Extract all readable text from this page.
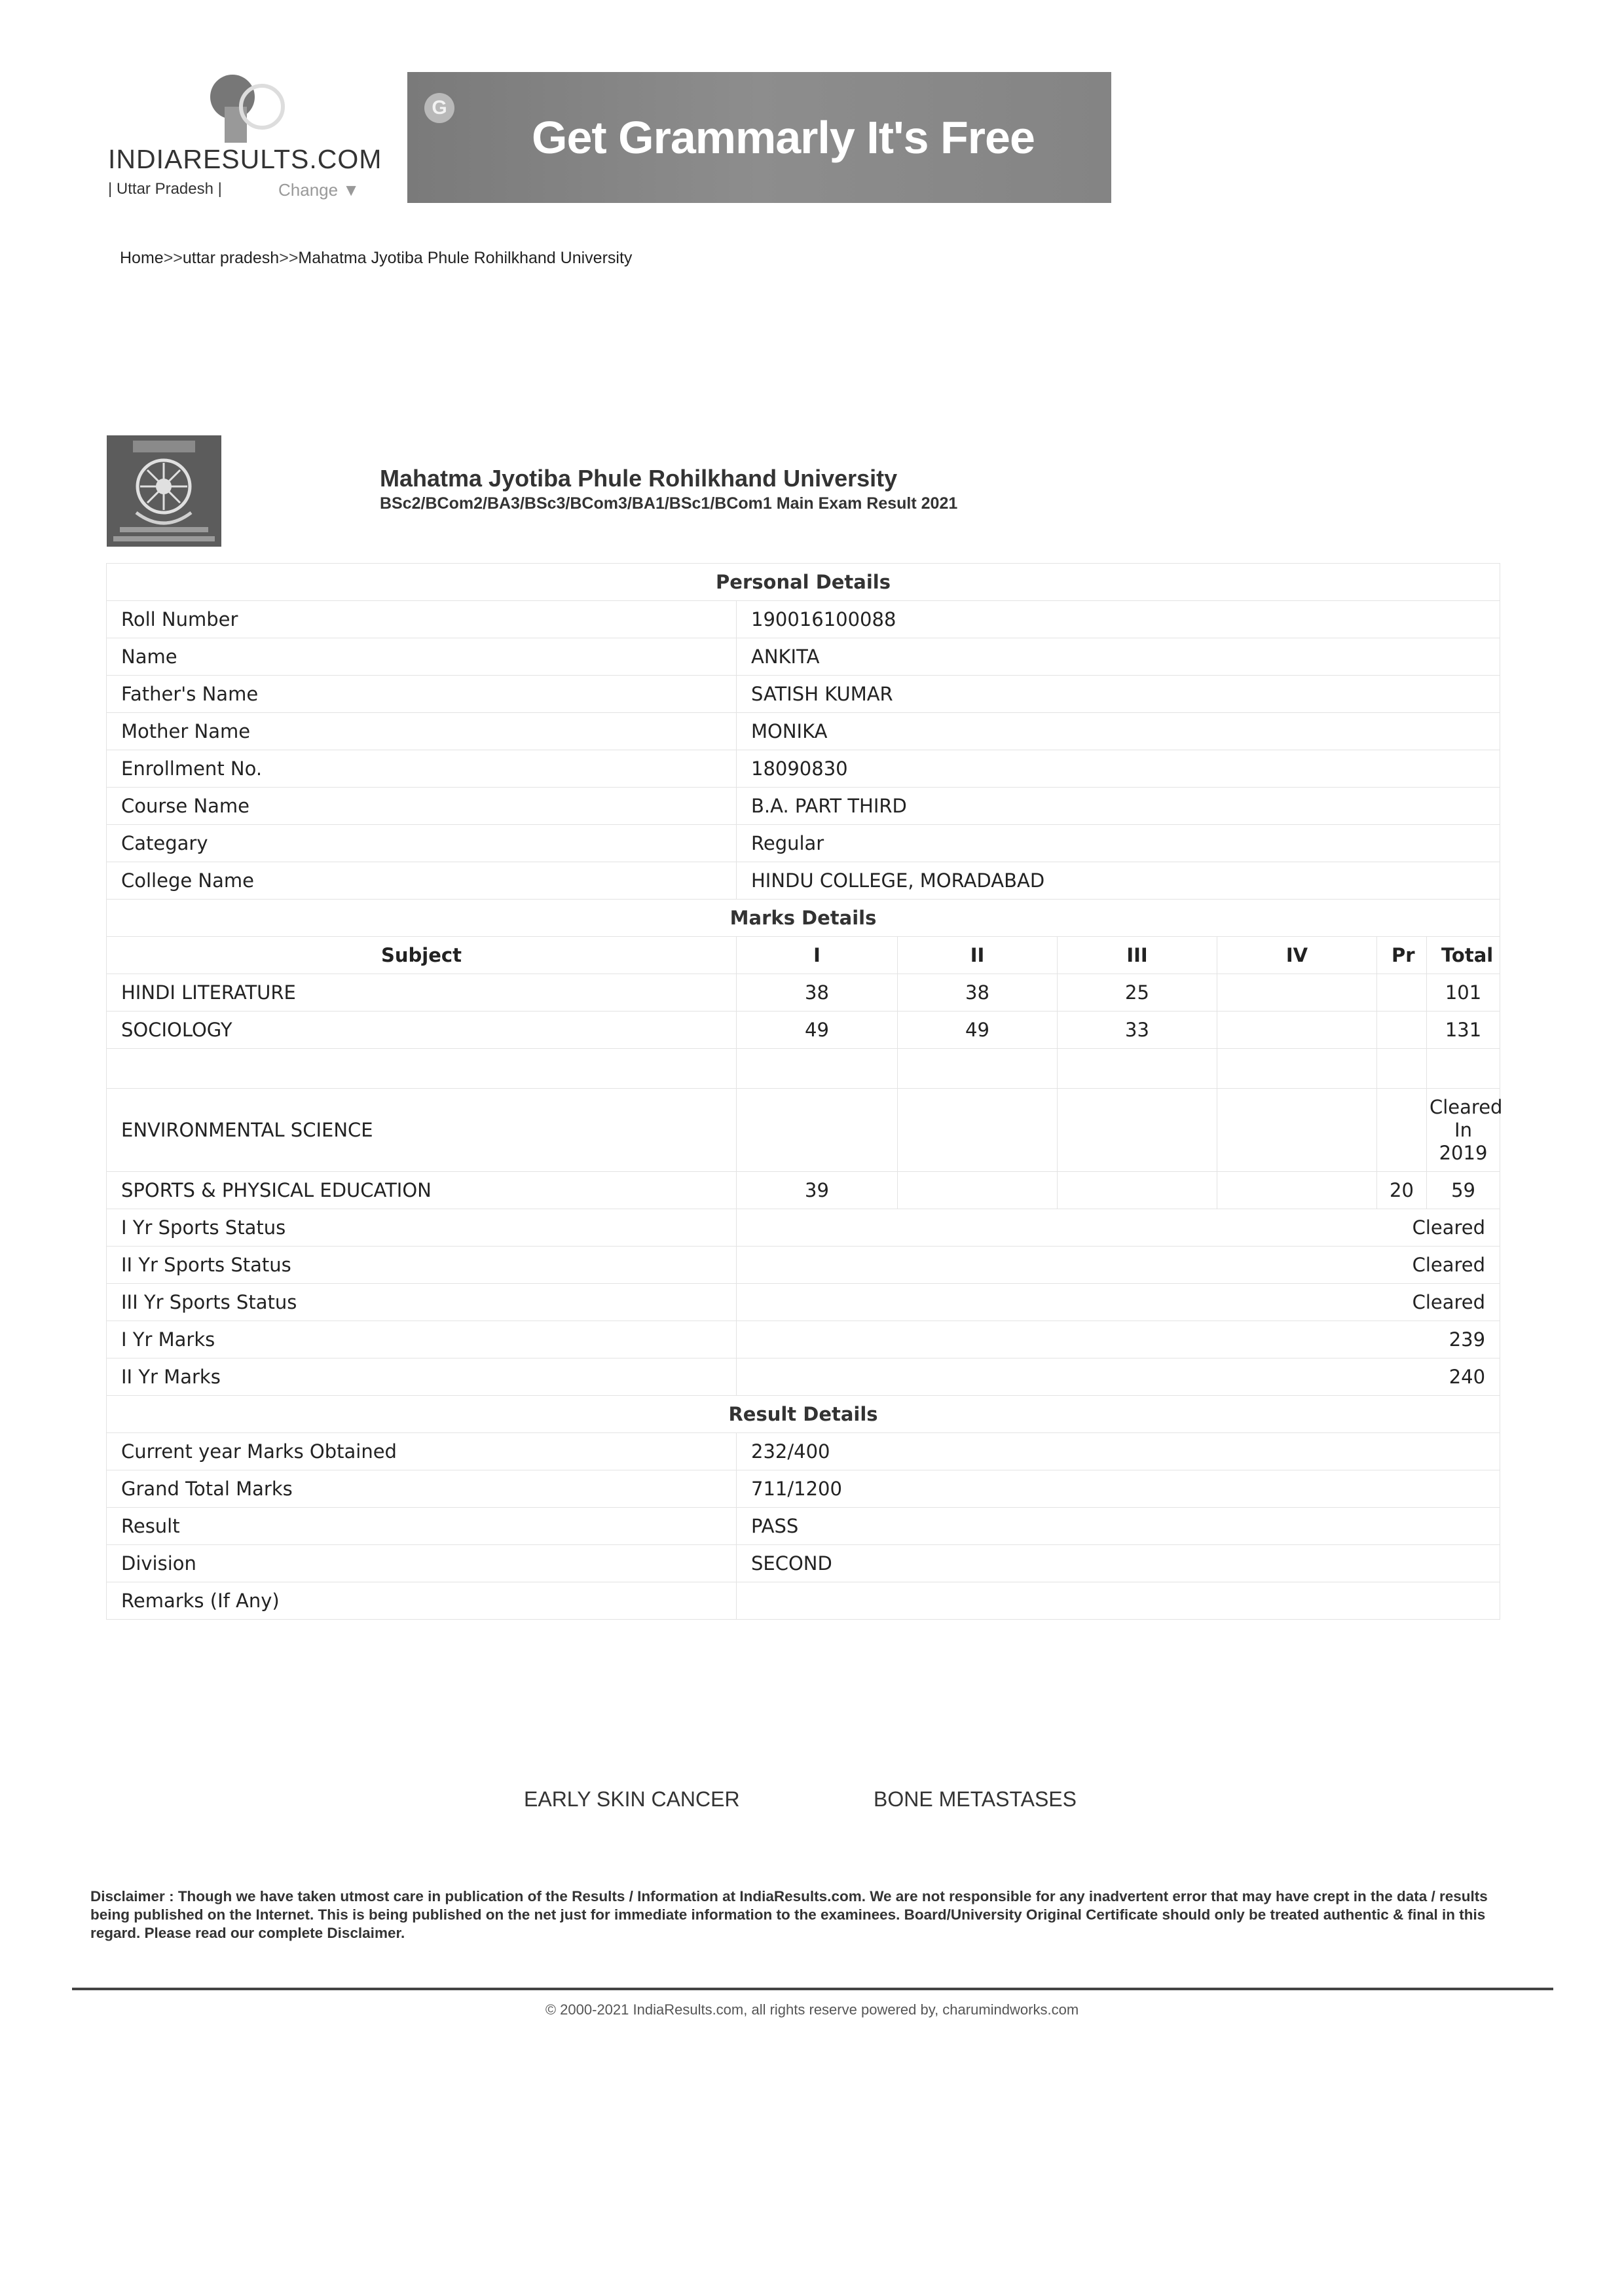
INDIARESULTS.COM
| Uttar Pradesh |	Change ▼
G
Get Grammarly It's Free
Home>>uttar pradesh>>Mahatma Jyotiba Phule Rohilkhand University
Mahatma Jyotiba Phule Rohilkhand University
BSc2/BCom2/BA3/BSc3/BCom3/BA1/BSc1/BCom1 Main Exam Result 2021
Personal Details						
Roll Number	190016100088					
Name	ANKITA					
Father's Name	SATISH KUMAR					
Mother Name	MONIKA					
Enrollment No.	18090830					
Course Name	B.A. PART THIRD					
Categary	Regular					
College Name	HINDU COLLEGE, MORADABAD					
Marks Details						
Subject	I	II	III	IV	Pr	Total
HINDI LITERATURE	38	38	25			101
SOCIOLOGY	49	49	33			131

ENVIRONMENTAL SCIENCE						Cleared
In
2019

SPORTS & PHYSICAL EDUCATION	39				20	59
I Yr Sports Status	Cleared					
II Yr Sports Status	Cleared					
III Yr Sports Status	Cleared					
I Yr Marks	239					
II Yr Marks	240					
Result Details						
Current year Marks Obtained	232/400					
Grand Total Marks	711/1200					
Result	PASS					
Division	SECOND					
Remarks (If Any)						
EARLY SKIN CANCER	BONE METASTASES
Disclaimer : Though we have taken utmost care in publication of the Results / Information at IndiaResults.com. We are not responsible for any inadvertent error that may have crept in the data / results being published on the Internet. This is being published on the net just for immediate information to the examinees. Board/University Original Certificate should only be treated authentic & final in this regard. Please read our complete Disclaimer.
© 2000-2021 IndiaResults.com, all rights reserve powered by, charumindworks.com
